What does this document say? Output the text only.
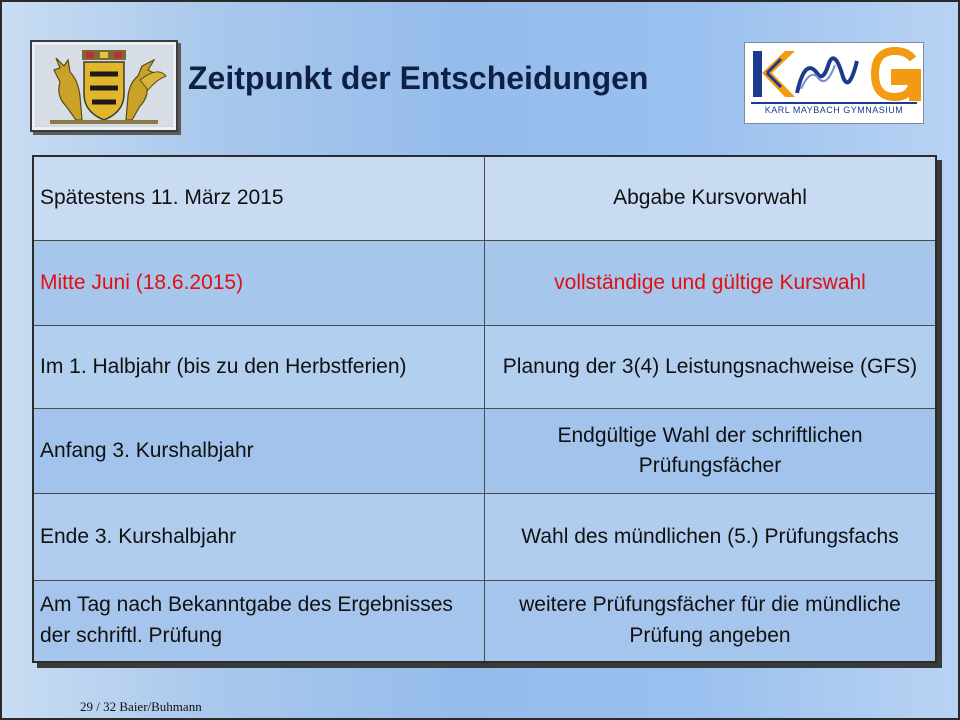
Zeitpunkt der Entscheidungen
KARL MAYBACH GYMNASIUM
Spätestens 11. März 2015	Abgabe Kursvorwahl
Mitte Juni (18.6.2015)	vollständige und gültige Kurswahl
Im 1. Halbjahr (bis zu den Herbstferien)	Planung der 3(4) Leistungsnachweise (GFS)
Anfang 3. Kurshalbjahr	Endgültige Wahl der schriftlichen Prüfungsfächer
Ende 3. Kurshalbjahr	Wahl des mündlichen (5.) Prüfungsfachs
Am Tag nach Bekanntgabe des Ergebnisses der schriftl. Prüfung	weitere Prüfungsfächer für die mündliche Prüfung angeben
29 / 32 Baier/Buhmann
